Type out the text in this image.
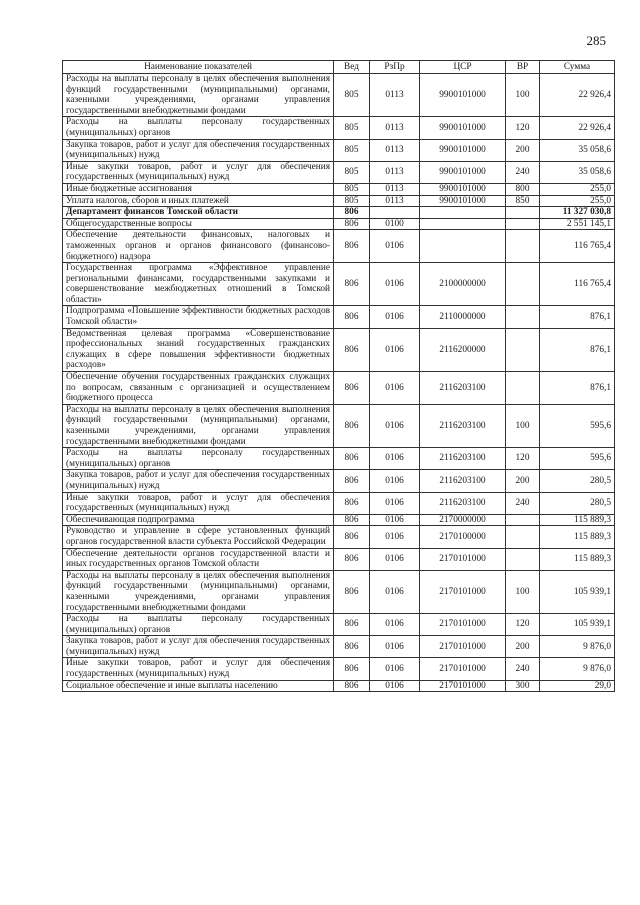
285
Наименование показателей	Вед	РзПр	ЦСР	ВР	Сумма
Расходы на выплаты персоналу в целях обеспечения выполнения функций государственными (муниципальными) органами, казенными учреждениями, органами управления государственными внебюджетными фондами	805	0113	9900101000	100	22 926,4
Расходы на выплаты персоналу государственных (муниципальных) органов	805	0113	9900101000	120	22 926,4
Закупка товаров, работ и услуг для обеспечения государственных (муниципальных) нужд	805	0113	9900101000	200	35 058,6
Иные закупки товаров, работ и услуг для обеспечения государственных (муниципальных) нужд	805	0113	9900101000	240	35 058,6
Иные бюджетные ассигнования	805	0113	9900101000	800	255,0
Уплата налогов, сборов и иных платежей	805	0113	9900101000	850	255,0
Департамент финансов Томской области	806				11 327 030,8
Общегосударственные вопросы	806	0100			2 551 145,1
Обеспечение деятельности финансовых, налоговых и таможенных органов и органов финансового (финансово-бюджетного) надзора	806	0106			116 765,4
Государственная программа «Эффективное управление региональными финансами, государственными закупками и совершенствование межбюджетных отношений в Томской области»	806	0106	2100000000		116 765,4
Подпрограмма «Повышение эффективности бюджетных расходов Томской области»	806	0106	2110000000		876,1
Ведомственная целевая программа «Совершенствование профессиональных знаний государственных гражданских служащих в сфере повышения эффективности бюджетных расходов»	806	0106	2116200000		876,1
Обеспечение обучения государственных гражданских служащих по вопросам, связанным с организацией и осуществлением бюджетного процесса	806	0106	2116203100		876,1
Расходы на выплаты персоналу в целях обеспечения выполнения функций государственными (муниципальными) органами, казенными учреждениями, органами управления государственными внебюджетными фондами	806	0106	2116203100	100	595,6
Расходы на выплаты персоналу государственных (муниципальных) органов	806	0106	2116203100	120	595,6
Закупка товаров, работ и услуг для обеспечения государственных (муниципальных) нужд	806	0106	2116203100	200	280,5
Иные закупки товаров, работ и услуг для обеспечения государственных (муниципальных) нужд	806	0106	2116203100	240	280,5
Обеспечивающая подпрограмма	806	0106	2170000000		115 889,3
Руководство и управление в сфере установленных функций органов государственной власти субъекта Российской Федерации	806	0106	2170100000		115 889,3
Обеспечение деятельности органов государственной власти и иных государственных органов Томской области	806	0106	2170101000		115 889,3
Расходы на выплаты персоналу в целях обеспечения выполнения функций государственными (муниципальными) органами, казенными учреждениями, органами управления государственными внебюджетными фондами	806	0106	2170101000	100	105 939,1
Расходы на выплаты персоналу государственных (муниципальных) органов	806	0106	2170101000	120	105 939,1
Закупка товаров, работ и услуг для обеспечения государственных (муниципальных) нужд	806	0106	2170101000	200	9 876,0
Иные закупки товаров, работ и услуг для обеспечения государственных (муниципальных) нужд	806	0106	2170101000	240	9 876,0
Социальное обеспечение и иные выплаты населению	806	0106	2170101000	300	29,0
